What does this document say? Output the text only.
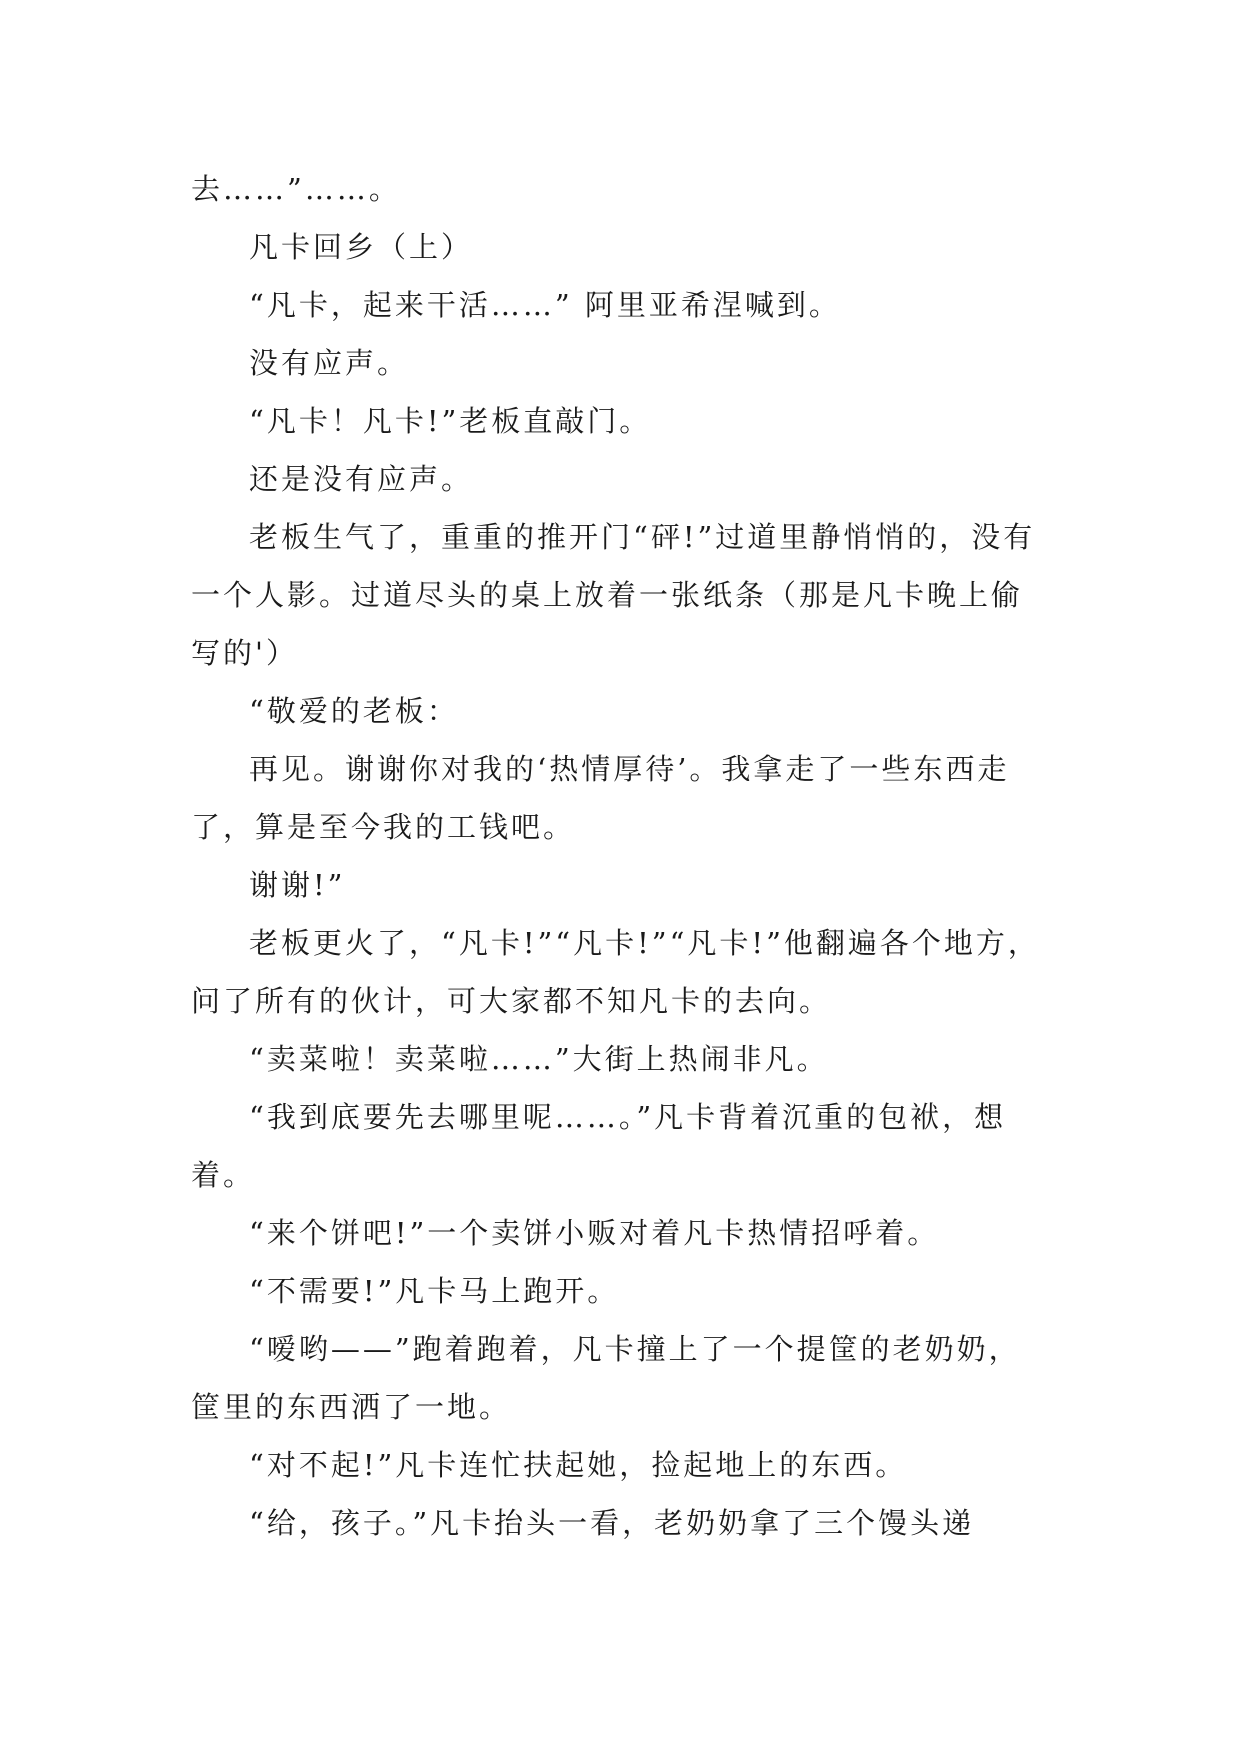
去……”……。

凡卡回乡（上）

“凡卡，起来干活……” 阿里亚希涅喊到。

没有应声。

“凡卡！凡卡!”老板直敲门。

还是没有应声。

老板生气了，重重的推开门“砰!”过道里静悄悄的，没有一个人影。过道尽头的桌上放着一张纸条（那是凡卡晚上偷写的'）

“敬爱的老板：

再见。谢谢你对我的‘热情厚待’。我拿走了一些东西走了，算是至今我的工钱吧。

谢谢!”

老板更火了，“凡卡!”“凡卡!”“凡卡!”他翻遍各个地方，问了所有的伙计，可大家都不知凡卡的去向。

“卖菜啦！卖菜啦……”大街上热闹非凡。

“我到底要先去哪里呢……。”凡卡背着沉重的包袱，想着。

“来个饼吧!”一个卖饼小贩对着凡卡热情招呼着。

“不需要!”凡卡马上跑开。

“嗳哟——”跑着跑着，凡卡撞上了一个提筐的老奶奶，筐里的东西洒了一地。

“对不起!”凡卡连忙扶起她，捡起地上的东西。

“给，孩子。”凡卡抬头一看，老奶奶拿了三个馒头递
